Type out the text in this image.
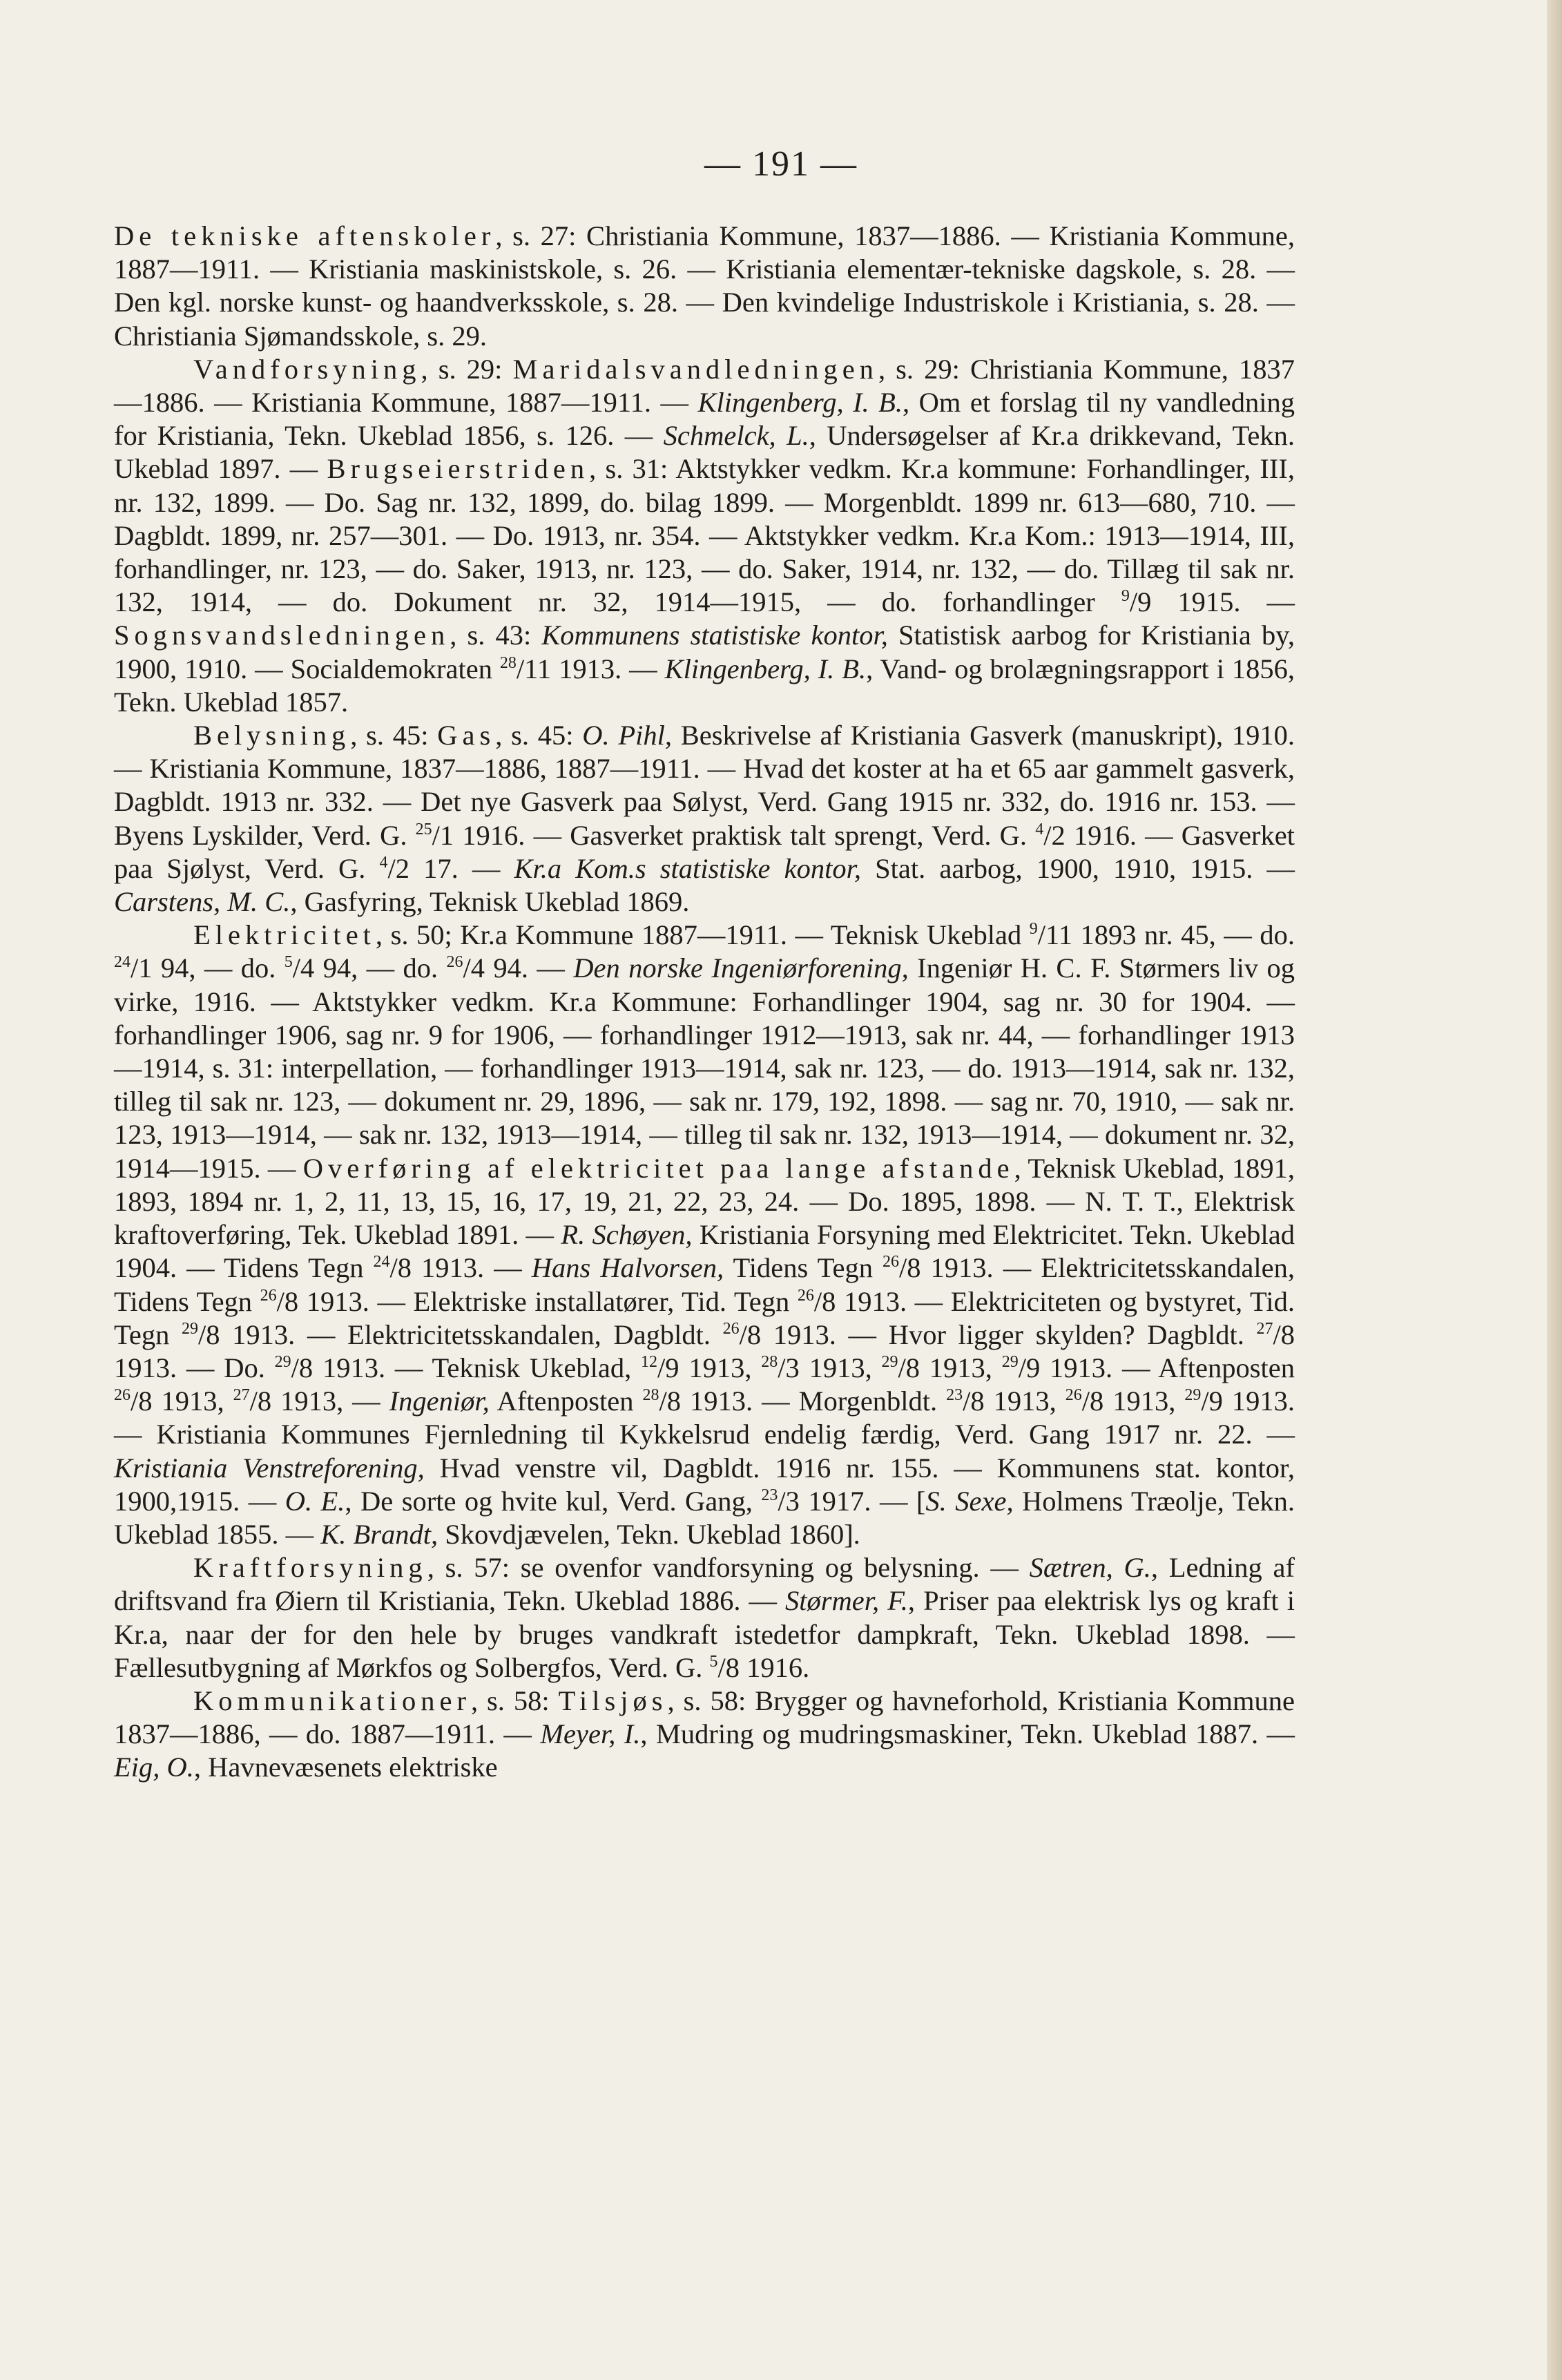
— 191 —

De tekniske aftenskoler, s. 27: Christiania Kommune, 1837—1886. — Kristiania Kommune, 1887—1911. — Kristiania maskinistskole, s. 26. — Kristiania elementær-tekniske dagskole, s. 28. — Den kgl. norske kunst- og haandverksskole, s. 28. — Den kvindelige Industriskole i Kristiania, s. 28. — Christiania Sjømandsskole, s. 29.

Vandforsyning, s. 29: Maridalsvandledningen, s. 29: Christiania Kommune, 1837—1886. — Kristiania Kommune, 1887—1911. — Klingenberg, I. B., Om et forslag til ny vandledning for Kristiania, Tekn. Ukeblad 1856, s. 126. — Schmelck, L., Undersøgelser af Kr.a drikkevand, Tekn. Ukeblad 1897. — Brugseierstriden, s. 31: Aktstykker vedkm. Kr.a kommune: Forhandlinger, III, nr. 132, 1899. — Do. Sag nr. 132, 1899, do. bilag 1899. — Morgenbldt. 1899 nr. 613—680, 710. — Dagbldt. 1899, nr. 257—301. — Do. 1913, nr. 354. — Aktstykker vedkm. Kr.a Kom.: 1913—1914, III, forhandlinger, nr. 123, — do. Saker, 1913, nr. 123, — do. Saker, 1914, nr. 132, — do. Tillæg til sak nr. 132, 1914, — do. Dokument nr. 32, 1914—1915, — do. forhandlinger $^9$/9 1915. — Sognsvandsledningen, s. 43: Kommunens statistiske kontor, Statistisk aarbog for Kristiania by, 1900, 1910. — Socialdemokraten $^{28}$/11 1913. — Klingenberg, I. B., Vand- og brolægningsrapport i 1856, Tekn. Ukeblad 1857.

Belysning, s. 45: Gas, s. 45: O. Pihl, Beskrivelse af Kristiania Gasverk (manuskript), 1910. — Kristiania Kommune, 1837—1886, 1887—1911. — Hvad det koster at ha et 65 aar gammelt gasverk, Dagbldt. 1913 nr. 332. — Det nye Gasverk paa Sølyst, Verd. Gang 1915 nr. 332, do. 1916 nr. 153. — Byens Lyskilder, Verd. G. $^{25}$/1 1916. — Gasverket praktisk talt sprengt, Verd. G. $^4$/2 1916. — Gasverket paa Sjølyst, Verd. G. $^4$/2 17. — Kr.a Kom.s statistiske kontor, Stat. aarbog, 1900, 1910, 1915. — Carstens, M. C., Gasfyring, Teknisk Ukeblad 1869.

Elektricitet, s. 50; Kr.a Kommune 1887—1911. — Teknisk Ukeblad $^9$/11 1893 nr. 45, — do. $^{24}$/1 94, — do. $^5$/4 94, — do. $^{26}$/4 94. — Den norske Ingeniørforening, Ingeniør H. C. F. Størmers liv og virke, 1916. — Aktstykker vedkm. Kr.a Kommune: Forhandlinger 1904, sag nr. 30 for 1904. — forhandlinger 1906, sag nr. 9 for 1906, — forhandlinger 1912—1913, sak nr. 44, — forhandlinger 1913—1914, s. 31: interpellation, — forhandlinger 1913—1914, sak nr. 123, — do. 1913—1914, sak nr. 132, tilleg til sak nr. 123, — dokument nr. 29, 1896, — sak nr. 179, 192, 1898. — sag nr. 70, 1910, — sak nr. 123, 1913—1914, — sak nr. 132, 1913—1914, — tilleg til sak nr. 132, 1913—1914, — dokument nr. 32, 1914—1915. — Overføring af elektricitet paa lange afstande, Teknisk Ukeblad, 1891, 1893, 1894 nr. 1, 2, 11, 13, 15, 16, 17, 19, 21, 22, 23, 24. — Do. 1895, 1898. — N. T. T., Elektrisk kraftoverføring, Tek. Ukeblad 1891. — R. Schøyen, Kristiania Forsyning med Elektricitet. Tekn. Ukeblad 1904. — Tidens Tegn $^{24}$/8 1913. — Hans Halvorsen, Tidens Tegn $^{26}$/8 1913. — Elektricitetsskandalen, Tidens Tegn $^{26}$/8 1913. — Elektriske installatører, Tid. Tegn $^{26}$/8 1913. — Elektriciteten og bystyret, Tid. Tegn $^{29}$/8 1913. — Elektricitetsskandalen, Dagbldt. $^{26}$/8 1913. — Hvor ligger skylden? Dagbldt. $^{27}$/8 1913. — Do. $^{29}$/8 1913. — Teknisk Ukeblad, $^{12}$/9 1913, $^{28}$/3 1913, $^{29}$/8 1913, $^{29}$/9 1913. — Aftenposten $^{26}$/8 1913, $^{27}$/8 1913, — Ingeniør, Aftenposten $^{28}$/8 1913. — Morgenbldt. $^{23}$/8 1913, $^{26}$/8 1913, $^{29}$/9 1913. — Kristiania Kommunes Fjernledning til Kykkelsrud endelig færdig, Verd. Gang 1917 nr. 22. — Kristiania Venstreforening, Hvad venstre vil, Dagbldt. 1916 nr. 155. — Kommunens stat. kontor, 1900,1915. — O. E., De sorte og hvite kul, Verd. Gang, $^{23}$/3 1917. — [S. Sexe, Holmens Træolje, Tekn. Ukeblad 1855. — K. Brandt, Skovdjævelen, Tekn. Ukeblad 1860].

Kraftforsyning, s. 57: se ovenfor vandforsyning og belysning. — Sætren, G., Ledning af driftsvand fra Øiern til Kristiania, Tekn. Ukeblad 1886. — Størmer, F., Priser paa elektrisk lys og kraft i Kr.a, naar der for den hele by bruges vandkraft istedetfor dampkraft, Tekn. Ukeblad 1898. — Fællesutbygning af Mørkfos og Solbergfos, Verd. G. $^5$/8 1916.

Kommunikationer, s. 58: Tilsjøs, s. 58: Brygger og havneforhold, Kristiania Kommune 1837—1886, — do. 1887—1911. — Meyer, I., Mudring og mudringsmaskiner, Tekn. Ukeblad 1887. — Eig, O., Havnevæsenets elektriske
